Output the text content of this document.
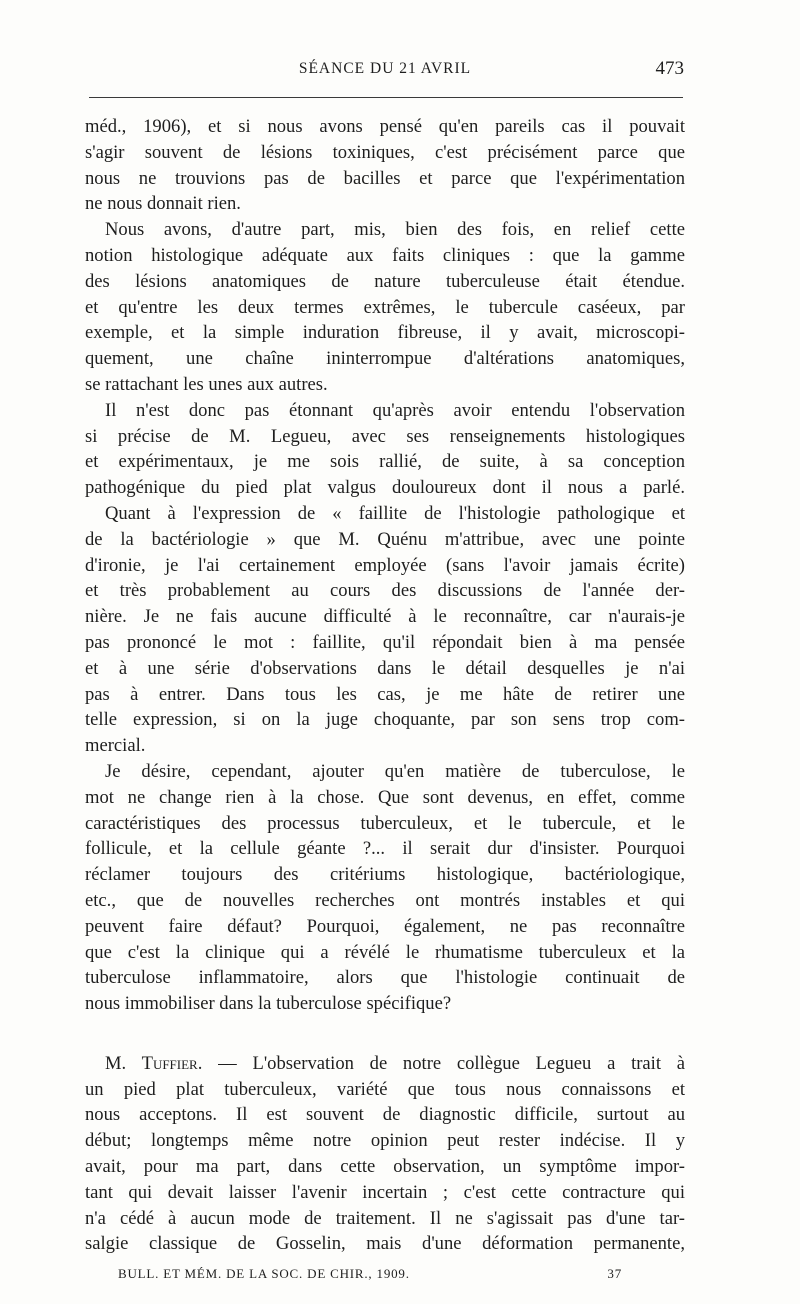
SÉANCE DU 21 AVRIL	473

méd., 1906), et si nous avons pensé qu'en pareils cas il pouvait
s'agir souvent de lésions toxiniques, c'est précisément parce que
nous ne trouvions pas de bacilles et parce que l'expérimentation
ne nous donnait rien.

Nous avons, d'autre part, mis, bien des fois, en relief cette
notion histologique adéquate aux faits cliniques : que la gamme
des lésions anatomiques de nature tuberculeuse était étendue.
et qu'entre les deux termes extrêmes, le tubercule caséeux, par
exemple, et la simple induration fibreuse, il y avait, microscopi-
quement, une chaîne ininterrompue d'altérations anatomiques,
se rattachant les unes aux autres.

Il n'est donc pas étonnant qu'après avoir entendu l'observation
si précise de M. Legueu, avec ses renseignements histologiques
et expérimentaux, je me sois rallié, de suite, à sa conception
pathogénique du pied plat valgus douloureux dont il nous a parlé.

Quant à l'expression de « faillite de l'histologie pathologique et
de la bactériologie » que M. Quénu m'attribue, avec une pointe
d'ironie, je l'ai certainement employée (sans l'avoir jamais écrite)
et très probablement au cours des discussions de l'année der-
nière. Je ne fais aucune difficulté à le reconnaître, car n'aurais-je
pas prononcé le mot : faillite, qu'il répondait bien à ma pensée
et à une série d'observations dans le détail desquelles je n'ai
pas à entrer. Dans tous les cas, je me hâte de retirer une
telle expression, si on la juge choquante, par son sens trop com-
mercial.

Je désire, cependant, ajouter qu'en matière de tuberculose, le
mot ne change rien à la chose. Que sont devenus, en effet, comme
caractéristiques des processus tuberculeux, et le tubercule, et le
follicule, et la cellule géante ?... il serait dur d'insister. Pourquoi
réclamer toujours des critériums histologique, bactériologique,
etc., que de nouvelles recherches ont montrés instables et qui
peuvent faire défaut? Pourquoi, également, ne pas reconnaître
que c'est la clinique qui a révélé le rhumatisme tuberculeux et la
tuberculose inflammatoire, alors que l'histologie continuait de
nous immobiliser dans la tuberculose spécifique?

M. Tuffier. — L'observation de notre collègue Legueu a trait à
un pied plat tuberculeux, variété que tous nous connaissons et
nous acceptons. Il est souvent de diagnostic difficile, surtout au
début; longtemps même notre opinion peut rester indécise. Il y
avait, pour ma part, dans cette observation, un symptôme impor-
tant qui devait laisser l'avenir incertain ; c'est cette contracture qui
n'a cédé à aucun mode de traitement. Il ne s'agissait pas d'une tar-
salgie classique de Gosselin, mais d'une déformation permanente,

BULL. ET MÉM. DE LA SOC. DE CHIR., 1909.	37
